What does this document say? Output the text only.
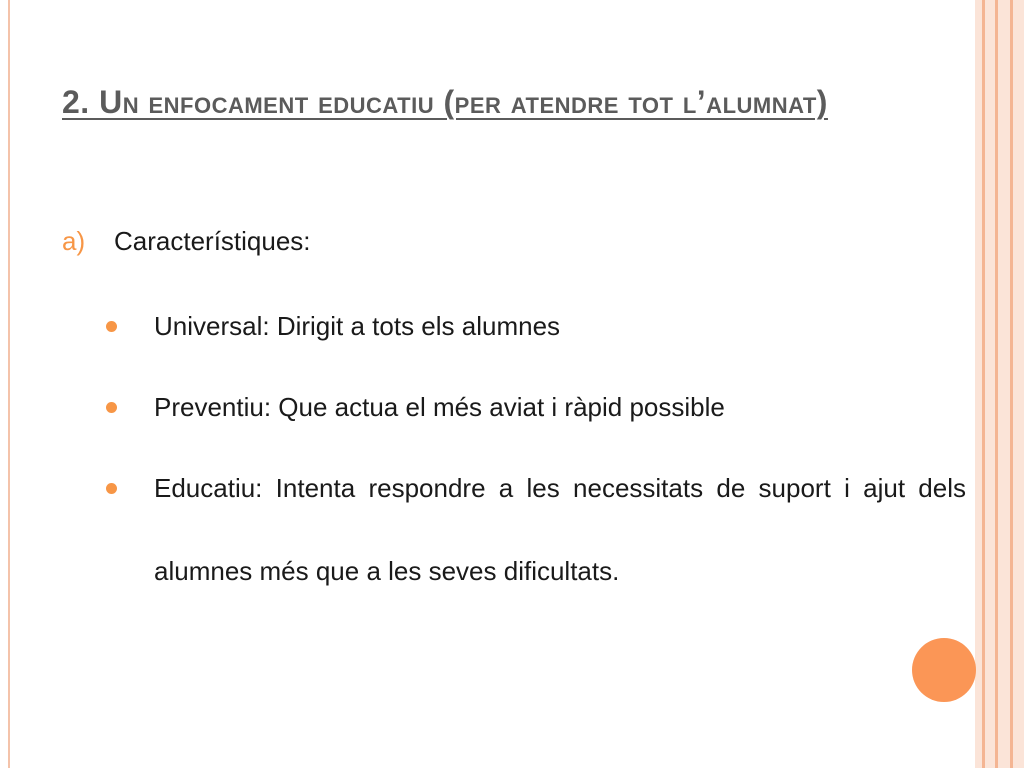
2. Un enfocament educatiu (per atendre tot l’alumnat)
a) Característiques:
Universal: Dirigit a tots els alumnes
Preventiu: Que actua el més aviat i ràpid possible
Educatiu: Intenta respondre a les necessitats de suport i ajut dels alumnes més que a les seves dificultats.
